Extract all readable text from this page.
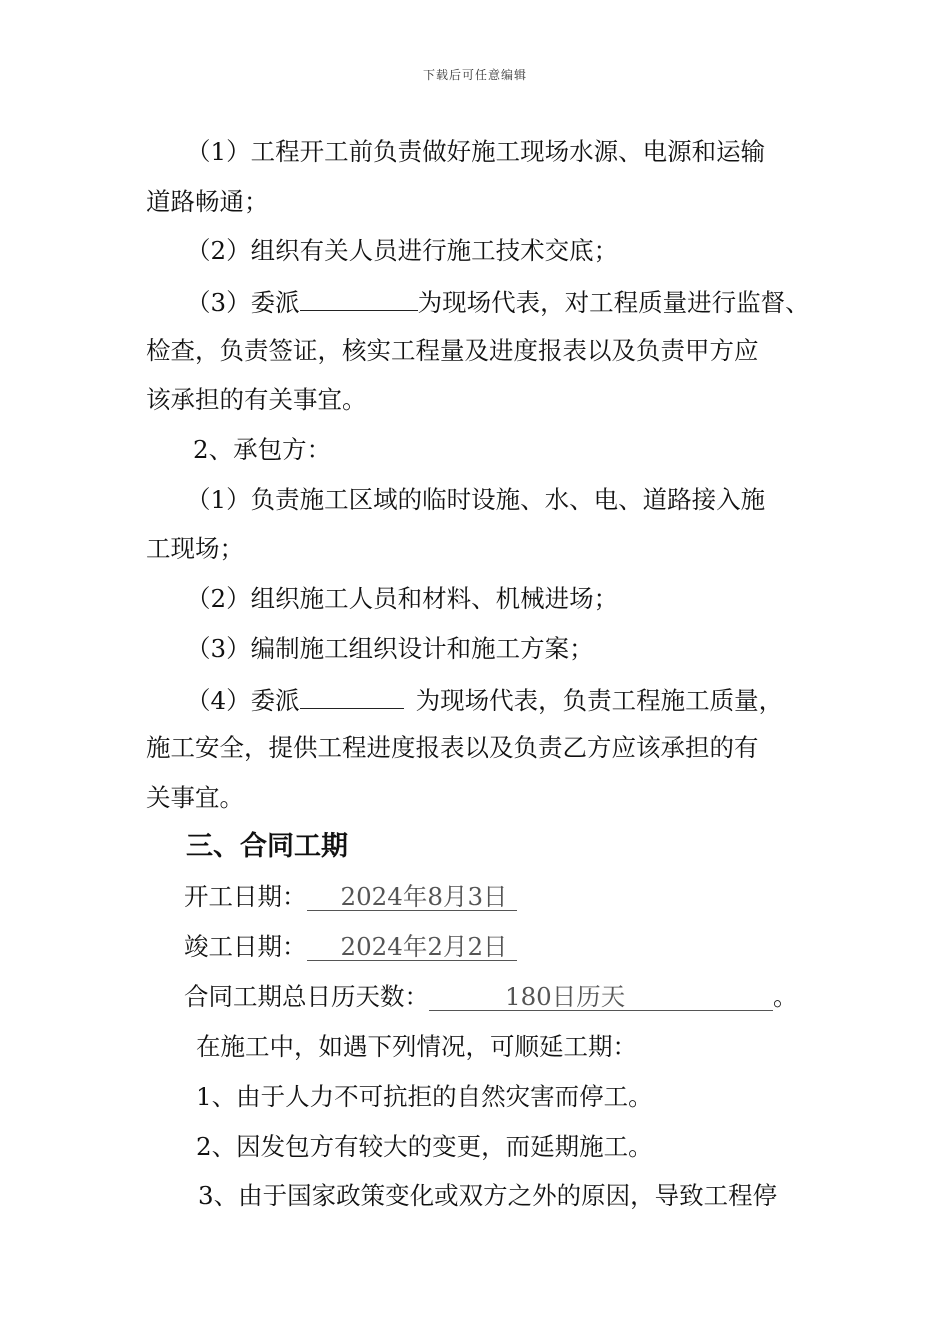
下载后可任意编辑
（1）工程开工前负责做好施工现场水源、电源和运输
道路畅通；
（2）组织有关人员进行施工技术交底；
（3）委派	为现场代表，对工程质量进行监督、
检查，负责签证，核实工程量及进度报表以及负责甲方应
该承担的有关事宜。
2、承包方：
（1）负责施工区域的临时设施、水、电、道路接入施
工现场；
（2）组织施工人员和材料、机械进场；
（3）编制施工组织设计和施工方案；
（4）委派	为现场代表，负责工程施工质量，
施工安全，提供工程进度报表以及负责乙方应该承担的有
关事宜。
三、合同工期
开工日期： 2024年8月3日
竣工日期： 2024年2月2日
合同工期总日历天数：	180日历天	。
在施工中，如遇下列情况，可顺延工期：
1、由于人力不可抗拒的自然灾害而停工。
2、因发包方有较大的变更，而延期施工。
3、由于国家政策变化或双方之外的原因，导致工程停
